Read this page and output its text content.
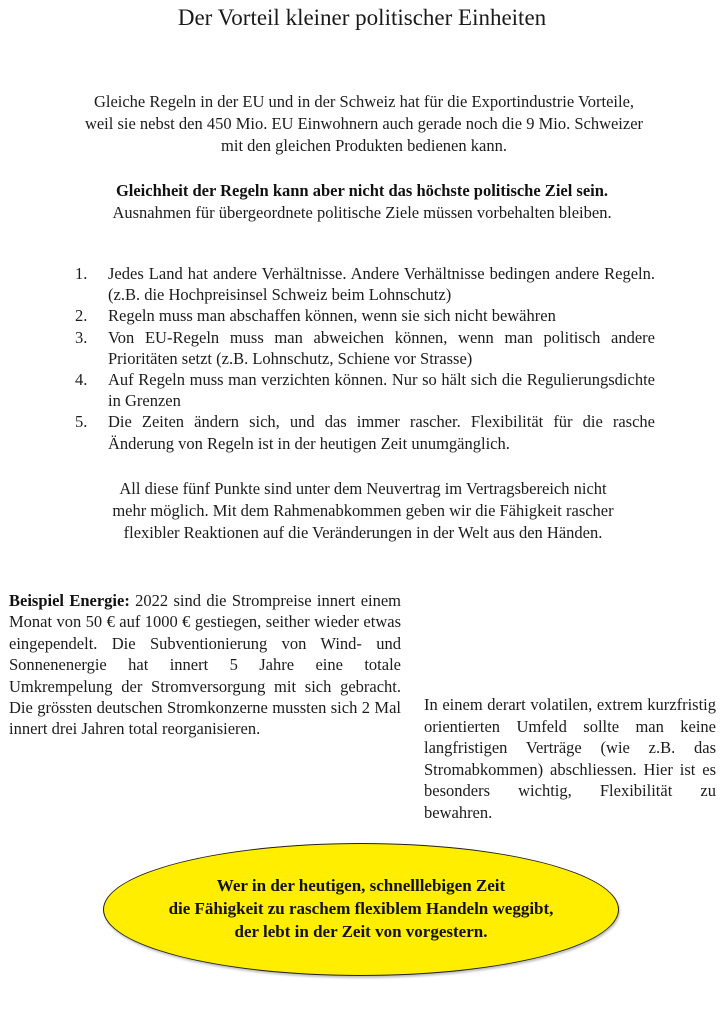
Der Vorteil kleiner politischer Einheiten

Gleiche Regeln in der EU und in der Schweiz hat für die Exportindustrie Vorteile,

weil sie nebst den 450 Mio. EU Einwohnern auch gerade noch die 9 Mio. Schweizer

mit den gleichen Produkten bedienen kann.

Gleichheit der Regeln kann aber nicht das höchste politische Ziel sein.

Ausnahmen für übergeordnete politische Ziele müssen vorbehalten bleiben.

1. Jedes Land hat andere Verhältnisse. Andere Verhältnisse bedingen andere Regeln. (z.B. die Hochpreisinsel Schweiz beim Lohnschutz)
2. Regeln muss man abschaffen können, wenn sie sich nicht bewähren
3. Von EU-Regeln muss man abweichen können, wenn man politisch andere Prioritäten setzt (z.B. Lohnschutz, Schiene vor Strasse)
4. Auf Regeln muss man verzichten können. Nur so hält sich die Regulierungsdichte in Grenzen
5. Die Zeiten ändern sich, und das immer rascher. Flexibilität für die rasche Änderung von Regeln ist in der heutigen Zeit unumgänglich.

All diese fünf Punkte sind unter dem Neuvertrag im Vertragsbereich nicht

mehr möglich. Mit dem Rahmenabkommen geben wir die Fähigkeit rascher

flexibler Reaktionen auf die Veränderungen in der Welt aus den Händen.

Beispiel Energie: 2022 sind die Strompreise innert einem Monat von 50 € auf 1000 € gestiegen, seither wieder etwas eingependelt. Die Subventionierung von Wind- und Sonnenenergie hat innert 5 Jahre eine totale Umkrempelung der Stromversorgung mit sich gebracht. Die grössten deutschen Stromkonzerne mussten sich 2 Mal innert drei Jahren total reorganisieren.

In einem derart volatilen, extrem kurzfristig orientierten Umfeld sollte man keine langfristigen Verträge (wie z.B. das Stromabkommen) abschliessen. Hier ist es besonders wichtig, Flexibilität zu bewahren.

Wer in der heutigen, schnelllebigen Zeit

die Fähigkeit zu raschem flexiblem Handeln weggibt,

der lebt in der Zeit von vorgestern.
